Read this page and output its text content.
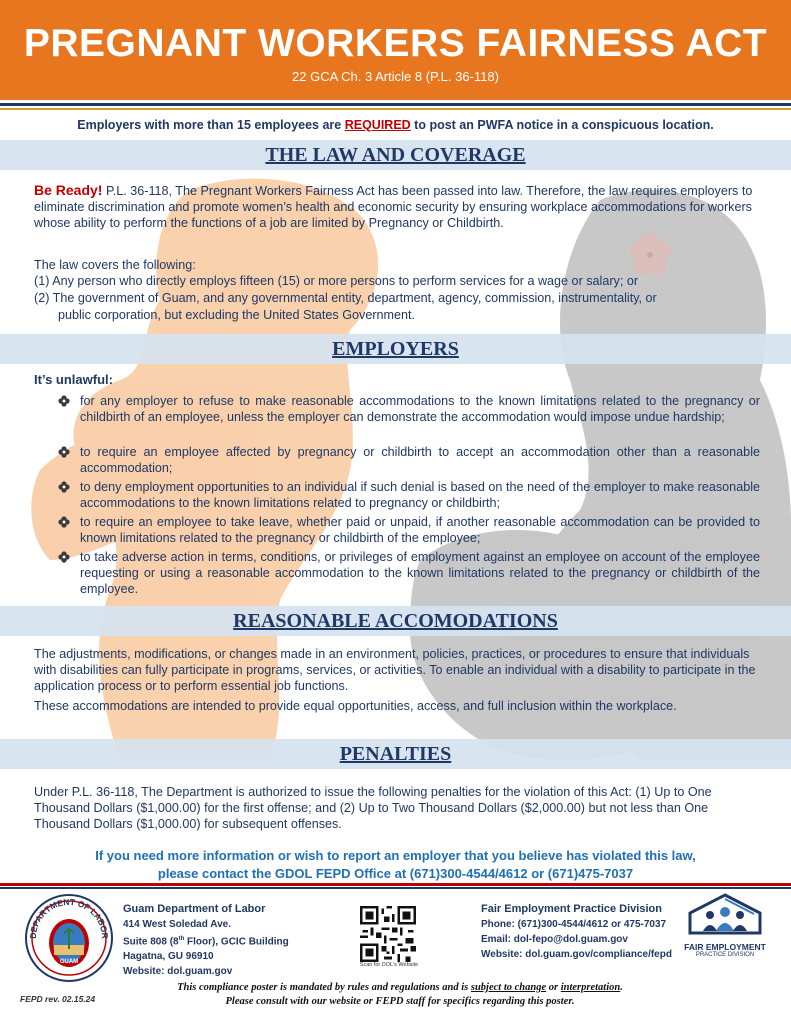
PREGNANT WORKERS FAIRNESS ACT
22 GCA Ch. 3 Article 8 (P.L. 36-118)
Employers with more than 15 employees are REQUIRED to post an PWFA notice in a conspicuous location.
THE LAW AND COVERAGE
Be Ready! P.L. 36-118, The Pregnant Workers Fairness Act has been passed into law. Therefore, the law requires employers to eliminate discrimination and promote women’s health and economic security by ensuring workplace accommodations for workers whose ability to perform the functions of a job are limited by Pregnancy or Childbirth.
The law covers the following:
(1) Any person who directly employs fifteen (15) or more persons to perform services for a wage or salary; or
(2) The government of Guam, and any governmental entity, department, agency, commission, instrumentality, or
public corporation, but excluding the United States Government.
EMPLOYERS
It’s unlawful:
for any employer to refuse to make reasonable accommodations to the known limitations related to the pregnancy or childbirth of an employee, unless the employer can demonstrate the accommodation would impose undue hardship;
to require an employee affected by pregnancy or childbirth to accept an accommodation other than a reasonable accommodation;
to deny employment opportunities to an individual if such denial is based on the need of the employer to make reasonable accommodations to the known limitations related to pregnancy or childbirth;
to require an employee to take leave, whether paid or unpaid, if another reasonable accommodation can be provided to known limitations related to the pregnancy or childbirth of the employee;
to take adverse action in terms, conditions, or privileges of employment against an employee on account of the employee requesting or using a reasonable accommodation to the known limitations related to the pregnancy or childbirth of the employee.
REASONABLE ACCOMODATIONS
The adjustments, modifications, or changes made in an environment, policies, practices, or procedures to ensure that individuals with disabilities can fully participate in programs, services, or activities. To enable an individual with a disability to participate in the application process or to perform essential job functions.
These accommodations are intended to provide equal opportunities, access, and full inclusion within the workplace.
PENALTIES
Under P.L. 36-118, The Department is authorized to issue the following penalties for the violation of this Act: (1) Up to One Thousand Dollars ($1,000.00) for the first offense; and (2) Up to Two Thousand Dollars ($2,000.00) but not less than One Thousand Dollars ($1,000.00) for subsequent offenses.
If you need more information or wish to report an employer that you believe has violated this law,
please contact the GDOL FEPD Office at (671)300-4544/4612 or (671)475-7037
DEPARTMENT OF LABOR
GUAM
Guam Department of Labor
414 West Soledad Ave.
Suite 808 (8th Floor), GCIC Building
Hagatna, GU 96910
Website: dol.guam.gov
Scan for DOL's Website
Fair Employment Practice Division
Phone: (671)300-4544/4612 or 475-7037
Email: dol-fepo@dol.guam.gov
Website: dol.guam.gov/compliance/fepd
FAIR EMPLOYMENT
PRACTICE DIVISION
This compliance poster is mandated by rules and regulations and is subject to change or interpretation.
Please consult with our website or FEPD staff for specifics regarding this poster.
FEPD rev. 02.15.24
